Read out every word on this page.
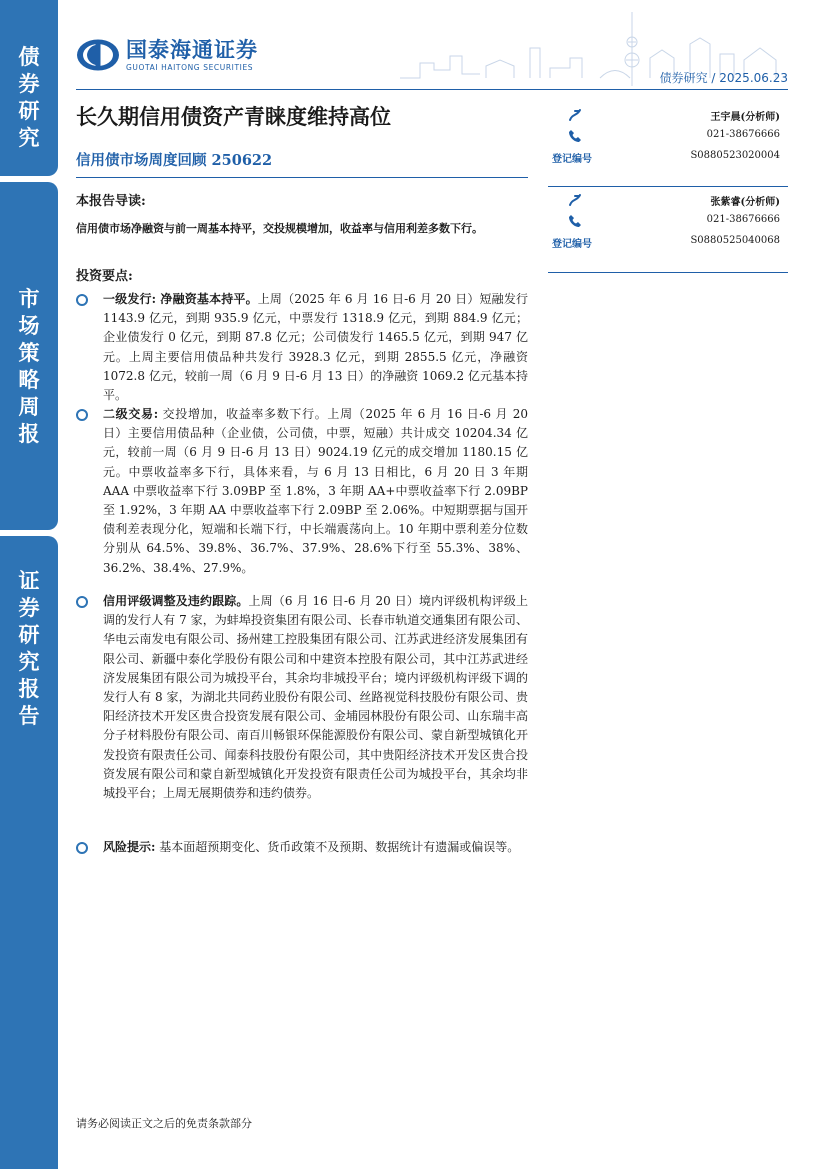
债券研究
市场策略周报
证券研究报告
国泰海通证券
GUOTAI HAITONG SECURITIES
债券研究 / 2025.06.23
长久期信用债资产青睐度维持高位
信用债市场周度回顾 250622
本报告导读:
信用债市场净融资与前一周基本持平，交投规模增加，收益率与信用利差多数下行。
投资要点:
一级发行: 净融资基本持平。上周（2025 年 6 月 16 日-6 月 20 日）短融发行 1143.9 亿元，到期 935.9 亿元，中票发行 1318.9 亿元，到期 884.9 亿元；企业债发行 0 亿元，到期 87.8 亿元；公司债发行 1465.5 亿元，到期 947 亿元。上周主要信用债品种共发行 3928.3 亿元，到期 2855.5 亿元，净融资 1072.8 亿元，较前一周（6 月 9 日-6 月 13 日）的净融资 1069.2 亿元基本持平。
二级交易: 交投增加，收益率多数下行。上周（2025 年 6 月 16 日-6 月 20 日）主要信用债品种（企业债，公司债，中票，短融）共计成交 10204.34 亿元，较前一周（6 月 9 日-6 月 13 日）9024.19 亿元的成交增加 1180.15 亿元。中票收益率多下行，具体来看，与 6 月 13 日相比，6 月 20 日 3 年期 AAA 中票收益率下行 3.09BP 至 1.8%，3 年期 AA+中票收益率下行 2.09BP 至 1.92%，3 年期 AA 中票收益率下行 2.09BP 至 2.06%。中短期票据与国开债利差表现分化，短端和长端下行，中长端震荡向上。10 年期中票利差分位数分别从 64.5%、39.8%、36.7%、37.9%、28.6%下行至 55.3%、38%、36.2%、38.4%、27.9%。
信用评级调整及违约跟踪。上周（6 月 16 日-6 月 20 日）境内评级机构评级上调的发行人有 7 家，为蚌埠投资集团有限公司、长春市轨道交通集团有限公司、华电云南发电有限公司、扬州建工控股集团有限公司、江苏武进经济发展集团有限公司、新疆中泰化学股份有限公司和中建资本控股有限公司，其中江苏武进经济发展集团有限公司为城投平台，其余均非城投平台；境内评级机构评级下调的发行人有 8 家，为湖北共同药业股份有限公司、丝路视觉科技股份有限公司、贵阳经济技术开发区贵合投资发展有限公司、金埔园林股份有限公司、山东瑞丰高分子材料股份有限公司、南百川畅银环保能源股份有限公司、蒙自新型城镇化开发投资有限责任公司、闻泰科技股份有限公司，其中贵阳经济技术开发区贵合投资发展有限公司和蒙自新型城镇化开发投资有限责任公司为城投平台，其余均非城投平台；上周无展期债券和违约债券。
风险提示: 基本面超预期变化、货币政策不及预期、数据统计有遗漏或偏误等。
王宇晨(分析师)
021-38676666
登记编号	S0880523020004
张紫睿(分析师)
021-38676666
登记编号	S0880525040068
请务必阅读正文之后的免责条款部分
